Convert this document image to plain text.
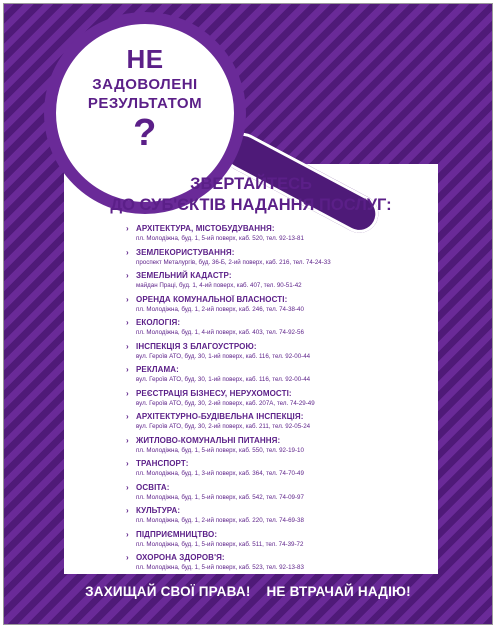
НЕ
ЗАДОВОЛЕНІ
РЕЗУЛЬТАТОМ
?
ЗВЕРТАЙТЕСЬ
ДО СУБ'ЄКТІВ НАДАННЯ ПОСЛУГ:
› АРХІТЕКТУРА, МІСТОБУДУВАННЯ:
пл. Молодіжна, буд. 1, 5-ий поверх, каб. 520, тел. 92-13-81
› ЗЕМЛЕКОРИСТУВАННЯ:
проспект Металургів, буд. 36-Б, 2-ий поверх, каб. 216, тел. 74-24-33
› ЗЕМЕЛЬНИЙ КАДАСТР:
майдан Праці, буд. 1, 4-ий поверх, каб. 407, тел. 90-51-42
› ОРЕНДА КОМУНАЛЬНОЇ ВЛАСНОСТІ:
пл. Молодіжна, буд. 1, 2-ий поверх, каб. 246, тел. 74-38-40
› ЕКОЛОГІЯ:
пл. Молодіжна, буд. 1, 4-ий поверх, каб. 403, тел. 74-92-56
› ІНСПЕКЦІЯ З БЛАГОУСТРОЮ:
вул. Героїв АТО, буд. 30, 1-ий поверх, каб. 116, тел. 92-00-44
› РЕКЛАМА:
вул. Героїв АТО, буд. 30, 1-ий поверх, каб. 116, тел. 92-00-44
› РЕЄСТРАЦІЯ БІЗНЕСУ, НЕРУХОМОСТІ:
вул. Героїв АТО, буд. 30, 2-ий поверх, каб. 207А, тел. 74-29-49
› АРХІТЕКТУРНО-БУДІВЕЛЬНА ІНСПЕКЦІЯ:
вул. Героїв АТО, буд. 30, 2-ий поверх, каб. 211, тел. 92-05-24
› ЖИТЛОВО-КОМУНАЛЬНІ ПИТАННЯ:
пл. Молодіжна, буд. 1, 5-ий поверх, каб. 550, тел. 92-19-10
› ТРАНСПОРТ:
пл. Молодіжна, буд. 1, 3-ий поверх, каб. 364, тел. 74-70-49
› ОСВІТА:
пл. Молодіжна, буд. 1, 5-ий поверх, каб. 542, тел. 74-09-97
› КУЛЬТУРА:
пл. Молодіжна, буд. 1, 2-ий поверх, каб. 220, тел. 74-69-38
› ПІДПРИЄМНИЦТВО:
пл. Молодіжна, буд. 1, 5-ий поверх, каб. 511, тел. 74-39-72
› ОХОРОНА ЗДОРОВ'Я:
пл. Молодіжна, буд. 1, 5-ий поверх, каб. 523, тел. 92-13-83
ЗАХИЩАЙ СВОЇ ПРАВА! НЕ ВТРАЧАЙ НАДІЮ!
